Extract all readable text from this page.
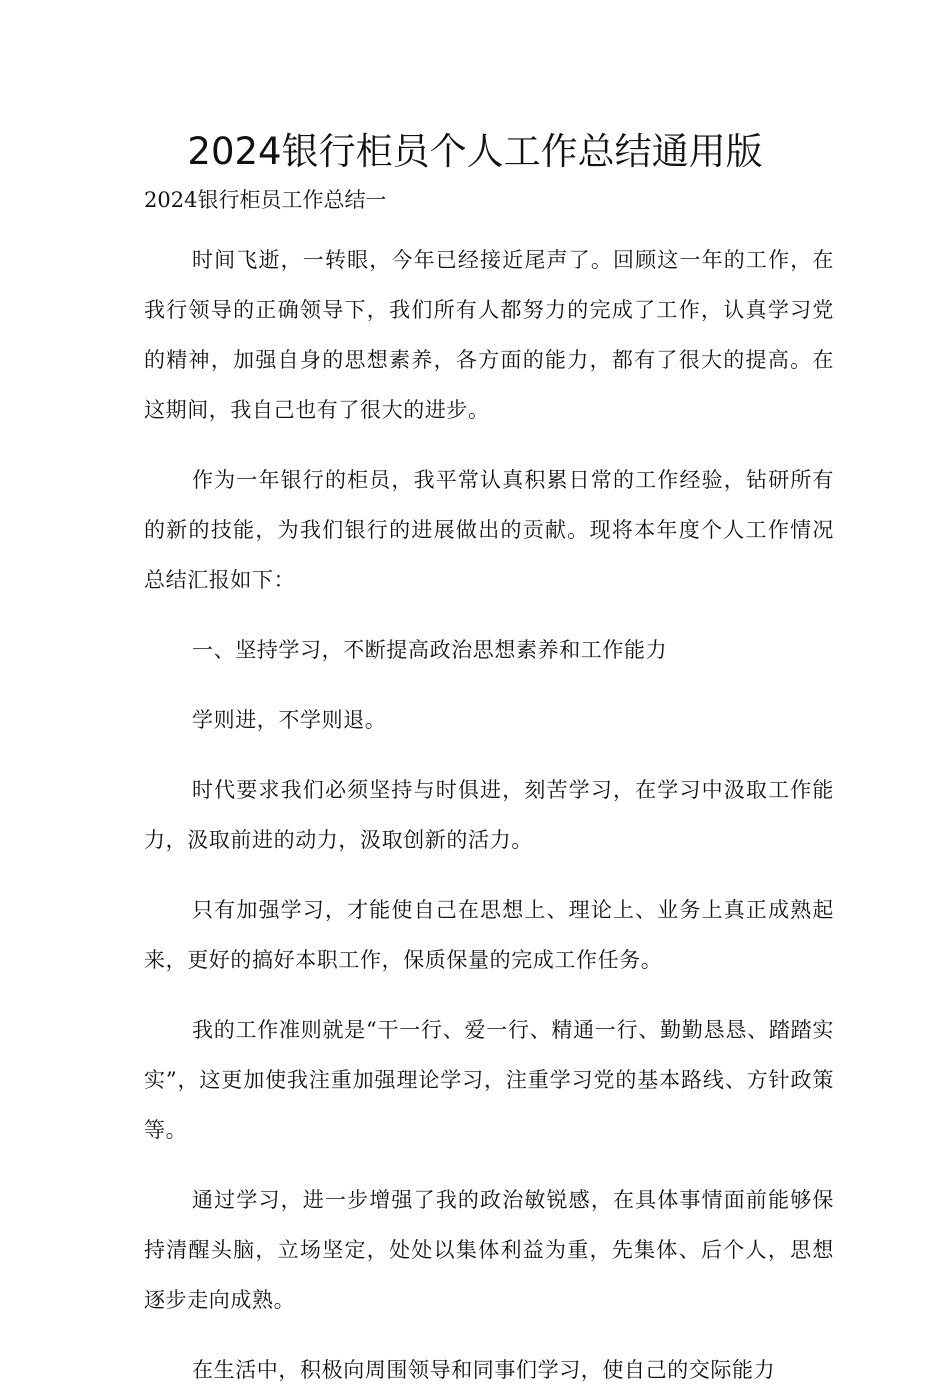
2024银行柜员个人工作总结通用版

2024银行柜员工作总结一

时间飞逝，一转眼，今年已经接近尾声了。回顾这一年的工作，在我行领导的正确领导下，我们所有人都努力的完成了工作，认真学习党的精神，加强自身的思想素养，各方面的能力，都有了很大的提高。在这期间，我自己也有了很大的进步。

作为一年银行的柜员，我平常认真积累日常的工作经验，钻研所有的新的技能，为我们银行的进展做出的贡献。现将本年度个人工作情况总结汇报如下：

一、坚持学习，不断提高政治思想素养和工作能力

学则进，不学则退。

时代要求我们必须坚持与时俱进，刻苦学习，在学习中汲取工作能力，汲取前进的动力，汲取创新的活力。

只有加强学习，才能使自己在思想上、理论上、业务上真正成熟起来，更好的搞好本职工作，保质保量的完成工作任务。

我的工作准则就是“干一行、爱一行、精通一行、勤勤恳恳、踏踏实实”，这更加使我注重加强理论学习，注重学习党的基本路线、方针政策等。

通过学习，进一步增强了我的政治敏锐感，在具体事情面前能够保持清醒头脑，立场坚定，处处以集体利益为重，先集体、后个人，思想逐步走向成熟。

在生活中，积极向周围领导和同事们学习，使自己的交际能力
